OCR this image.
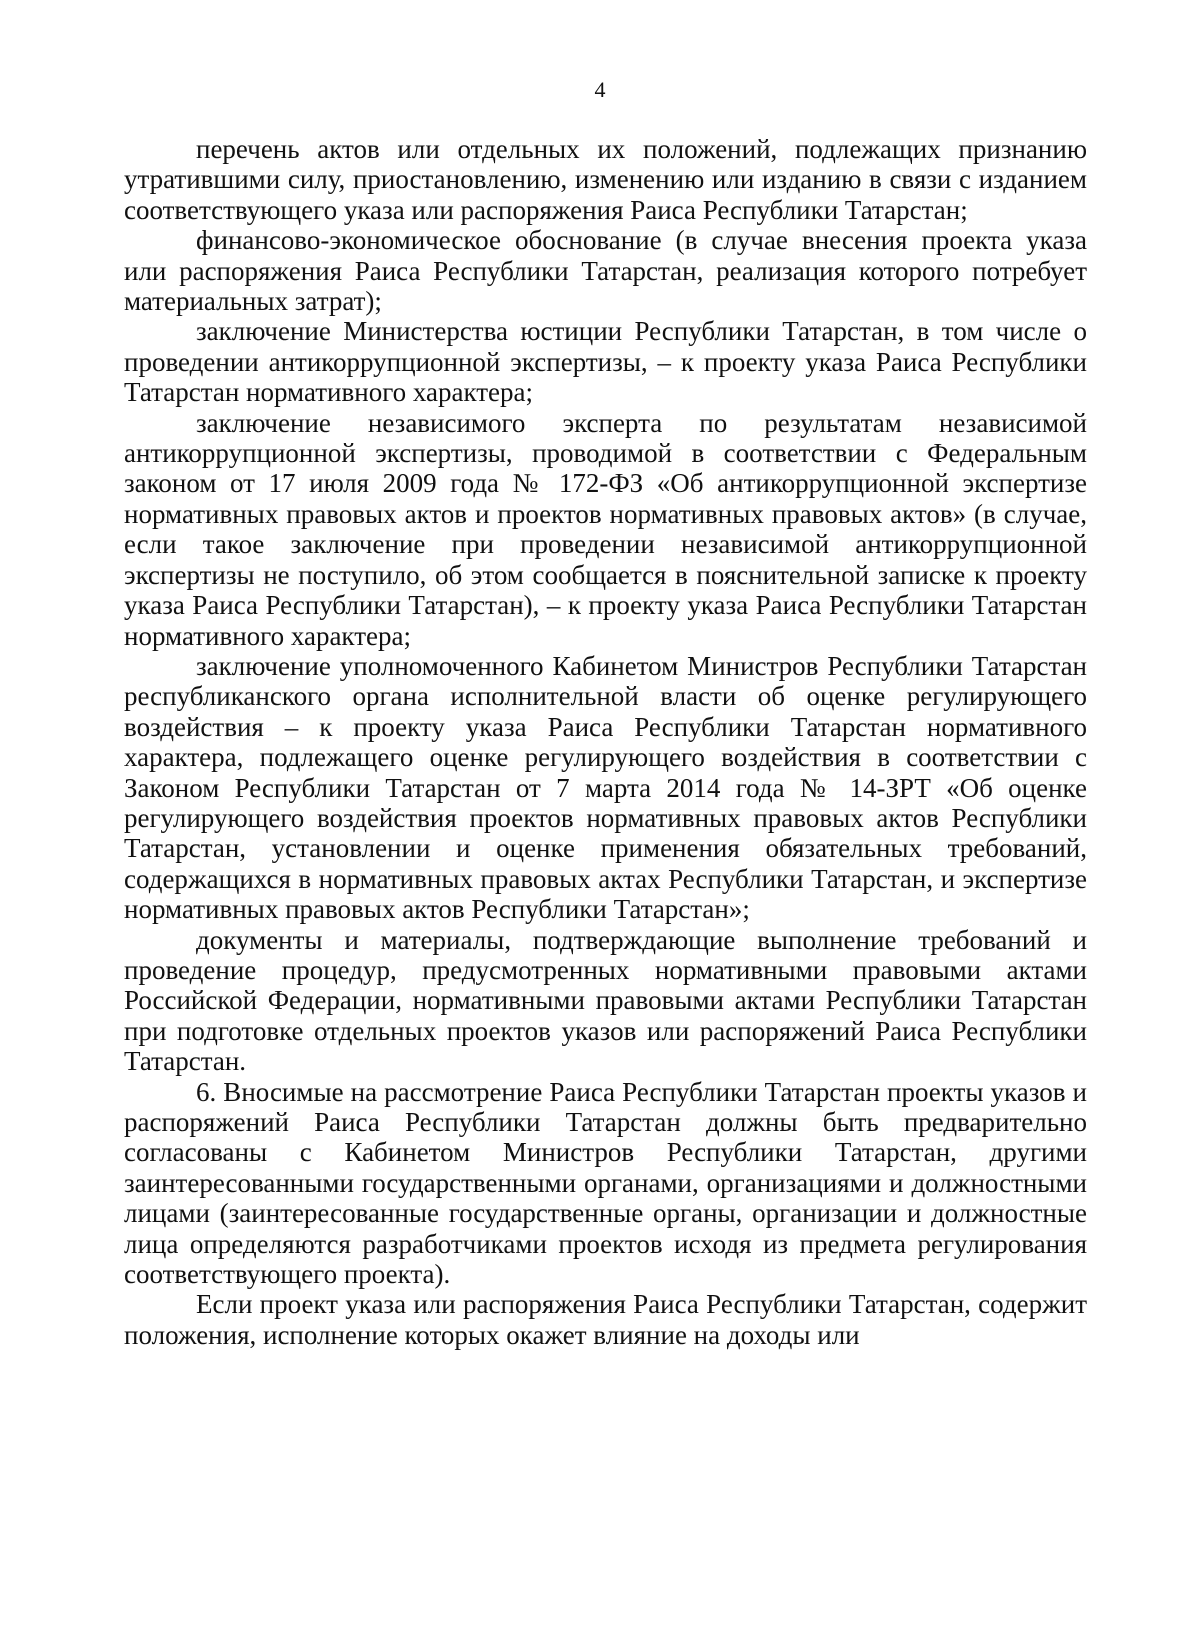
4

перечень актов или отдельных их положений, подлежащих признанию утратившими силу, приостановлению, изменению или изданию в связи с изданием соответствующего указа или распоряжения Раиса Республики Татарстан;

финансово-экономическое обоснование (в случае внесения проекта указа или распоряжения Раиса Республики Татарстан, реализация которого потребует материальных затрат);

заключение Министерства юстиции Республики Татарстан, в том числе о проведении антикоррупционной экспертизы, – к проекту указа Раиса Республики Татарстан нормативного характера;

заключение независимого эксперта по результатам независимой антикоррупционной экспертизы, проводимой в соответствии с Федеральным законом от 17 июля 2009 года № 172-ФЗ «Об антикоррупционной экспертизе нормативных правовых актов и проектов нормативных правовых актов» (в случае, если такое заключение при проведении независимой антикоррупционной экспертизы не поступило, об этом сообщается в пояснительной записке к проекту указа Раиса Республики Татарстан), – к проекту указа Раиса Республики Татарстан нормативного характера;

заключение уполномоченного Кабинетом Министров Республики Татарстан республиканского органа исполнительной власти об оценке регулирующего воздействия – к проекту указа Раиса Республики Татарстан нормативного характера, подлежащего оценке регулирующего воздействия в соответствии с Законом Республики Татарстан от 7 марта 2014 года № 14-ЗРТ «Об оценке регулирующего воздействия проектов нормативных правовых актов Республики Татарстан, установлении и оценке применения обязательных требований, содержащихся в нормативных правовых актах Республики Татарстан, и экспертизе нормативных правовых актов Республики Татарстан»;

документы и материалы, подтверждающие выполнение требований и проведение процедур, предусмотренных нормативными правовыми актами Российской Федерации, нормативными правовыми актами Республики Татарстан при подготовке отдельных проектов указов или распоряжений Раиса Республики Татарстан.

6. Вносимые на рассмотрение Раиса Республики Татарстан проекты указов и распоряжений Раиса Республики Татарстан должны быть предварительно согласованы с Кабинетом Министров Республики Татарстан, другими заинтересованными государственными органами, организациями и должностными лицами (заинтересованные государственные органы, организации и должностные лица определяются разработчиками проектов исходя из предмета регулирования соответствующего проекта).

Если проект указа или распоряжения Раиса Республики Татарстан, содержит положения, исполнение которых окажет влияние на доходы или
